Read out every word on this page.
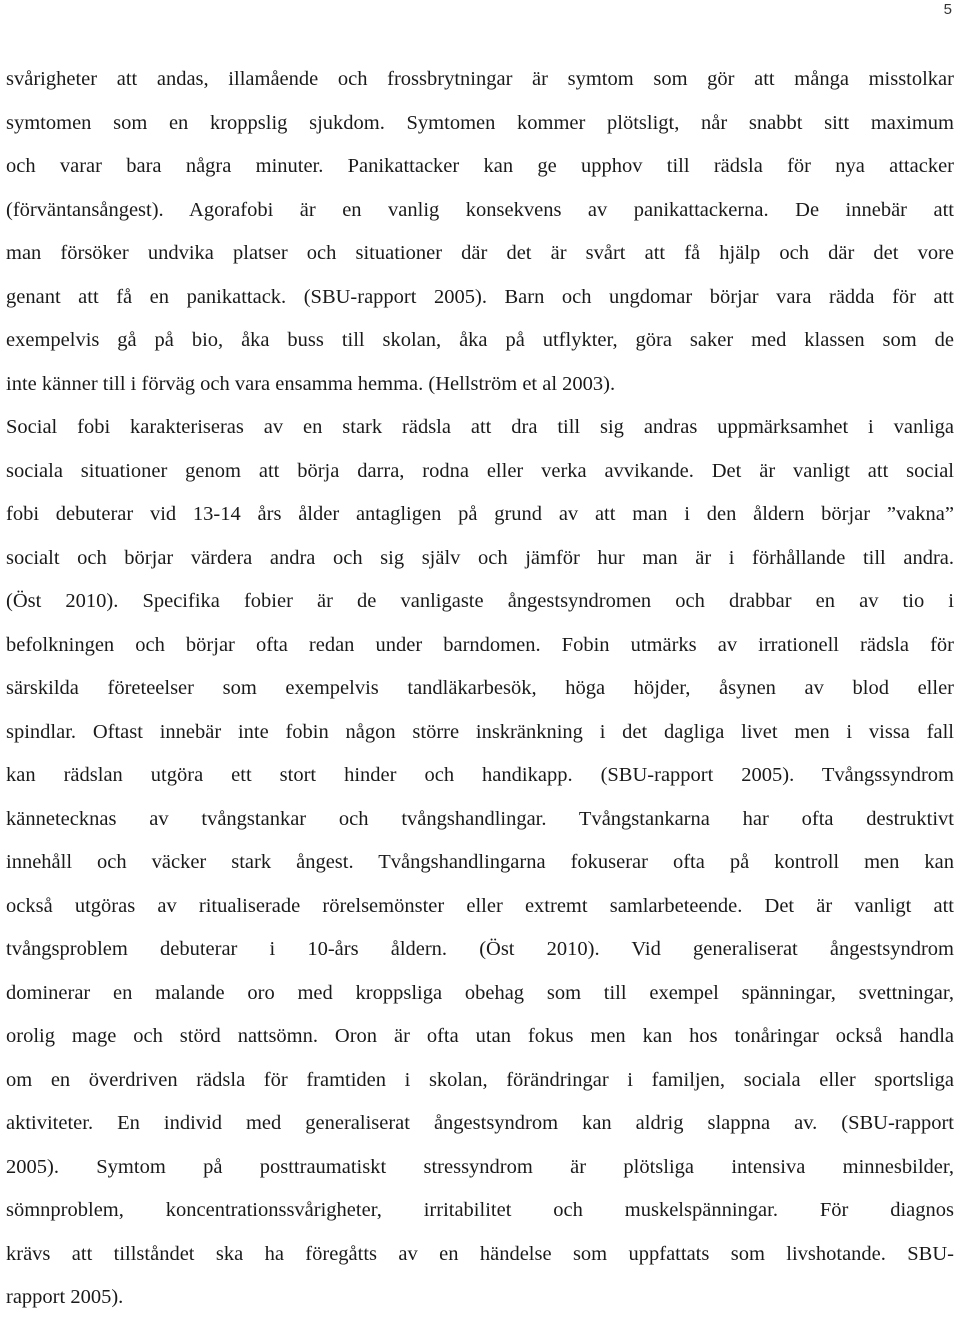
5
svårigheter att andas, illamående och frossbrytningar är symtom som gör att många misstolkar
symtomen som en kroppslig sjukdom. Symtomen kommer plötsligt, når snabbt sitt maximum
och varar bara några minuter. Panikattacker kan ge upphov till rädsla för nya attacker
(förväntansångest). Agorafobi är en vanlig konsekvens av panikattackerna. De innebär att
man försöker undvika platser och situationer där det är svårt att få hjälp och där det vore
genant att få en panikattack. (SBU-rapport 2005). Barn och ungdomar börjar vara rädda för att
exempelvis gå på bio, åka buss till skolan, åka på utflykter, göra saker med klassen som de
inte känner till i förväg och vara ensamma hemma. (Hellström et al 2003).
Social fobi karakteriseras av en stark rädsla att dra till sig andras uppmärksamhet i vanliga
sociala situationer genom att börja darra, rodna eller verka avvikande. Det är vanligt att social
fobi debuterar vid 13-14 års ålder antagligen på grund av att man i den åldern börjar ”vakna”
socialt och börjar värdera andra och sig själv och jämför hur man är i förhållande till andra.
(Öst 2010). Specifika fobier är de vanligaste ångestsyndromen och drabbar en av tio i
befolkningen och börjar ofta redan under barndomen. Fobin utmärks av irrationell rädsla för
särskilda företeelser som exempelvis tandläkarbesök, höga höjder, åsynen av blod eller
spindlar. Oftast innebär inte fobin någon större inskränkning i det dagliga livet men i vissa fall
kan rädslan utgöra ett stort hinder och handikapp. (SBU-rapport 2005). Tvångssyndrom
kännetecknas av tvångstankar och tvångshandlingar. Tvångstankarna har ofta destruktivt
innehåll och väcker stark ångest. Tvångshandlingarna fokuserar ofta på kontroll men kan
också utgöras av ritualiserade rörelsemönster eller extremt samlarbeteende. Det är vanligt att
tvångsproblem debuterar i 10-års åldern. (Öst 2010). Vid generaliserat ångestsyndrom
dominerar en malande oro med kroppsliga obehag som till exempel spänningar, svettningar,
orolig mage och störd nattsömn. Oron är ofta utan fokus men kan hos tonåringar också handla
om en överdriven rädsla för framtiden i skolan, förändringar i familjen, sociala eller sportsliga
aktiviteter. En individ med generaliserat ångestsyndrom kan aldrig slappna av. (SBU-rapport
2005). Symtom på posttraumatiskt stressyndrom är plötsliga intensiva minnesbilder,
sömnproblem, koncentrationssvårigheter, irritabilitet och muskelspänningar. För diagnos
krävs att tillståndet ska ha föregåtts av en händelse som uppfattats som livshotande. SBU-
rapport 2005).
